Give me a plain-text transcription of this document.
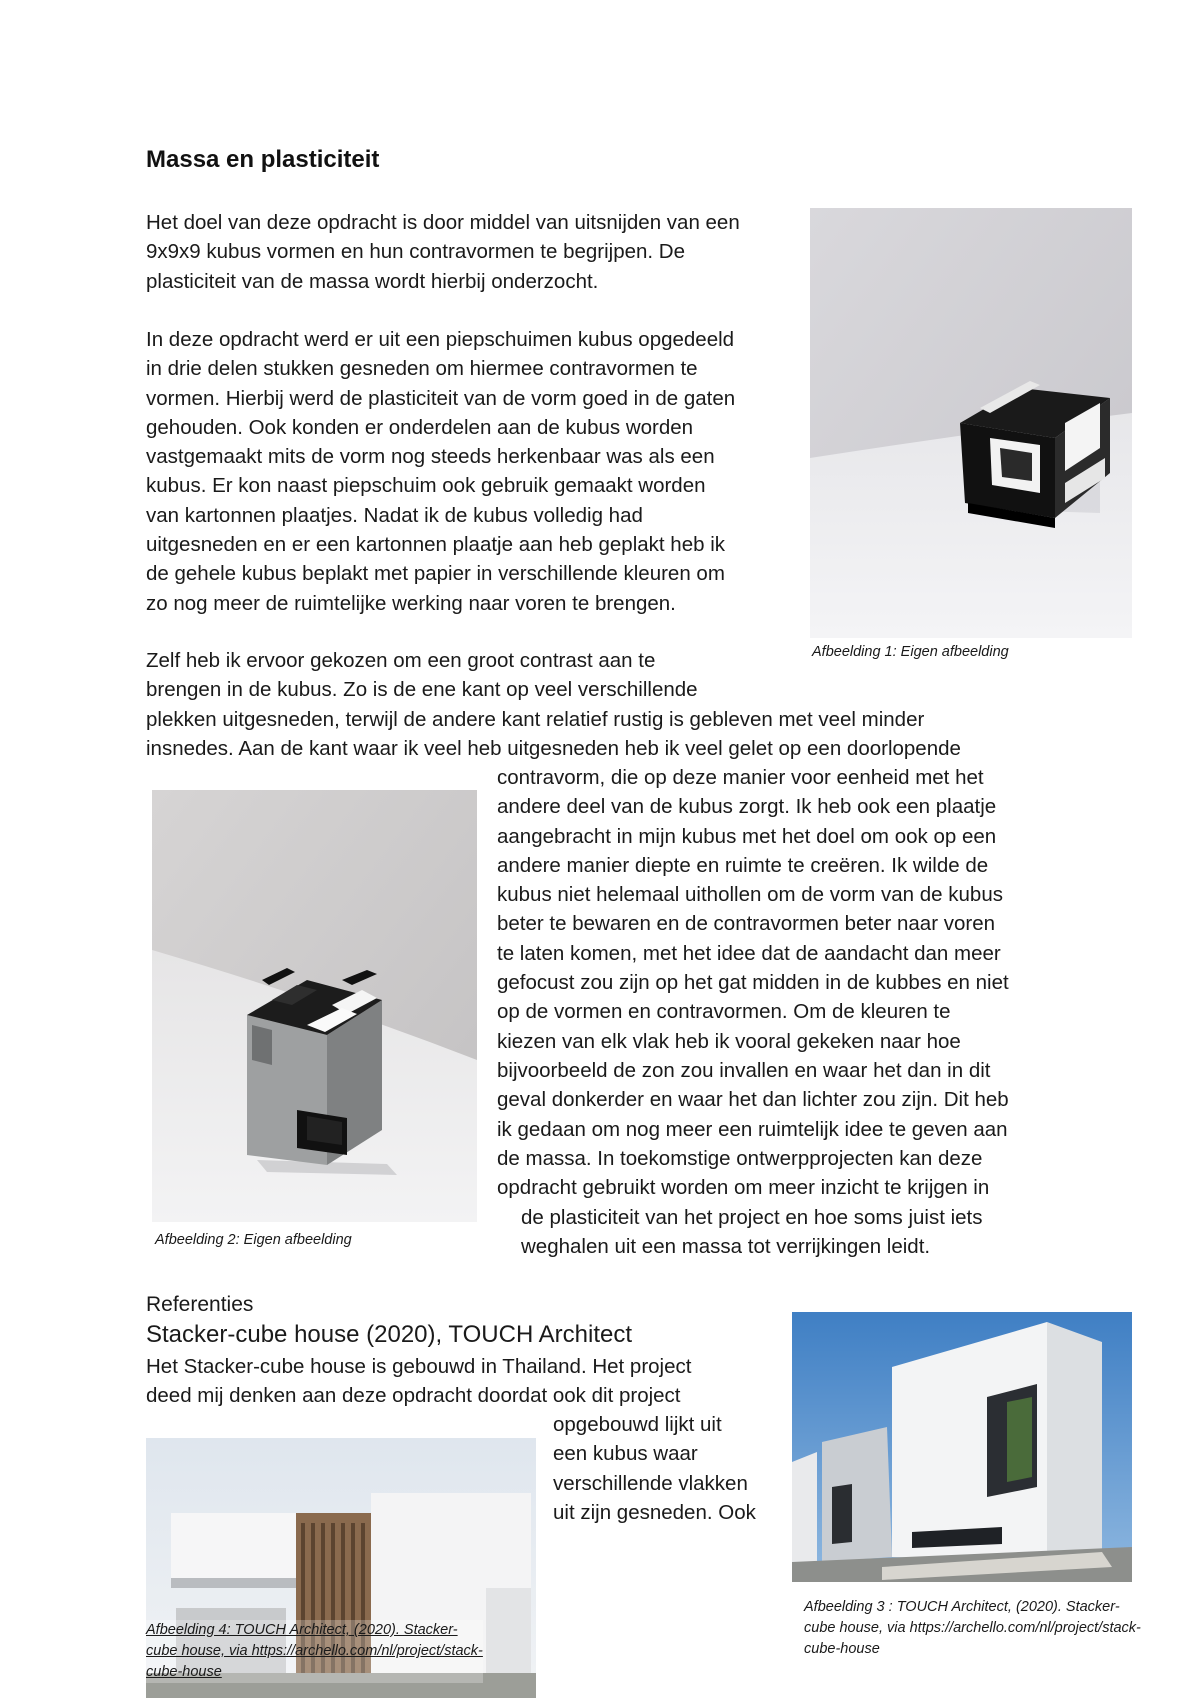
Massa en plasticiteit

Het doel van deze opdracht is door middel van uitsnijden van een
9x9x9 kubus vormen en hun contravormen te begrijpen. De
plasticiteit van de massa wordt hierbij onderzocht.

In deze opdracht werd er uit een piepschuimen kubus opgedeeld
in drie delen stukken gesneden om hiermee contravormen te
vormen. Hierbij werd de plasticiteit van de vorm goed in de gaten
gehouden. Ook konden er onderdelen aan de kubus worden
vastgemaakt mits de vorm nog steeds herkenbaar was als een
kubus. Er kon naast piepschuim ook gebruik gemaakt worden
van kartonnen plaatjes. Nadat ik de kubus volledig had
uitgesneden en er een kartonnen plaatje aan heb geplakt heb ik
de gehele kubus beplakt met papier in verschillende kleuren om
zo nog meer de ruimtelijke werking naar voren te brengen.

Afbeelding 1: Eigen afbeelding

Zelf heb ik ervoor gekozen om een groot contrast aan te
brengen in de kubus. Zo is de ene kant op veel verschillende
plekken uitgesneden, terwijl de andere kant relatief rustig is gebleven met veel minder
insnedes. Aan de kant waar ik veel heb uitgesneden heb ik veel gelet op een doorlopende

contravorm, die op deze manier voor eenheid met het
andere deel van de kubus zorgt. Ik heb ook een plaatje
aangebracht in mijn kubus met het doel om ook op een
andere manier diepte en ruimte te creëren. Ik wilde de
kubus niet helemaal uithollen om de vorm van de kubus
beter te bewaren en de contravormen beter naar voren
te laten komen, met het idee dat de aandacht dan meer
gefocust zou zijn op het gat midden in de kubbes en niet
op de vormen en contravormen. Om de kleuren te
kiezen van elk vlak heb ik vooral gekeken naar hoe
bijvoorbeeld de zon zou invallen en waar het dan in dit
geval donkerder en waar het dan lichter zou zijn. Dit heb
ik gedaan om nog meer een ruimtelijk idee te geven aan
de massa. In toekomstige ontwerpprojecten kan deze
opdracht gebruikt worden om meer inzicht te krijgen in

de plasticiteit van het project en hoe soms juist iets
weghalen uit een massa tot verrijkingen leidt.

Afbeelding 2: Eigen afbeelding

Referenties

Stacker-cube house (2020), TOUCH Architect

Het Stacker-cube house is gebouwd in Thailand. Het project
deed mij denken aan deze opdracht doordat ook dit project

opgebouwd lijkt uit
een kubus waar
verschillende vlakken
uit zijn gesneden. Ook

Afbeelding 3 : TOUCH Architect, (2020). Stacker-
cube house, via https://archello.com/nl/project/stack-
cube-house

Afbeelding 4: TOUCH Architect, (2020). Stacker-
cube house, via https://archello.com/nl/project/stack-
cube-house
